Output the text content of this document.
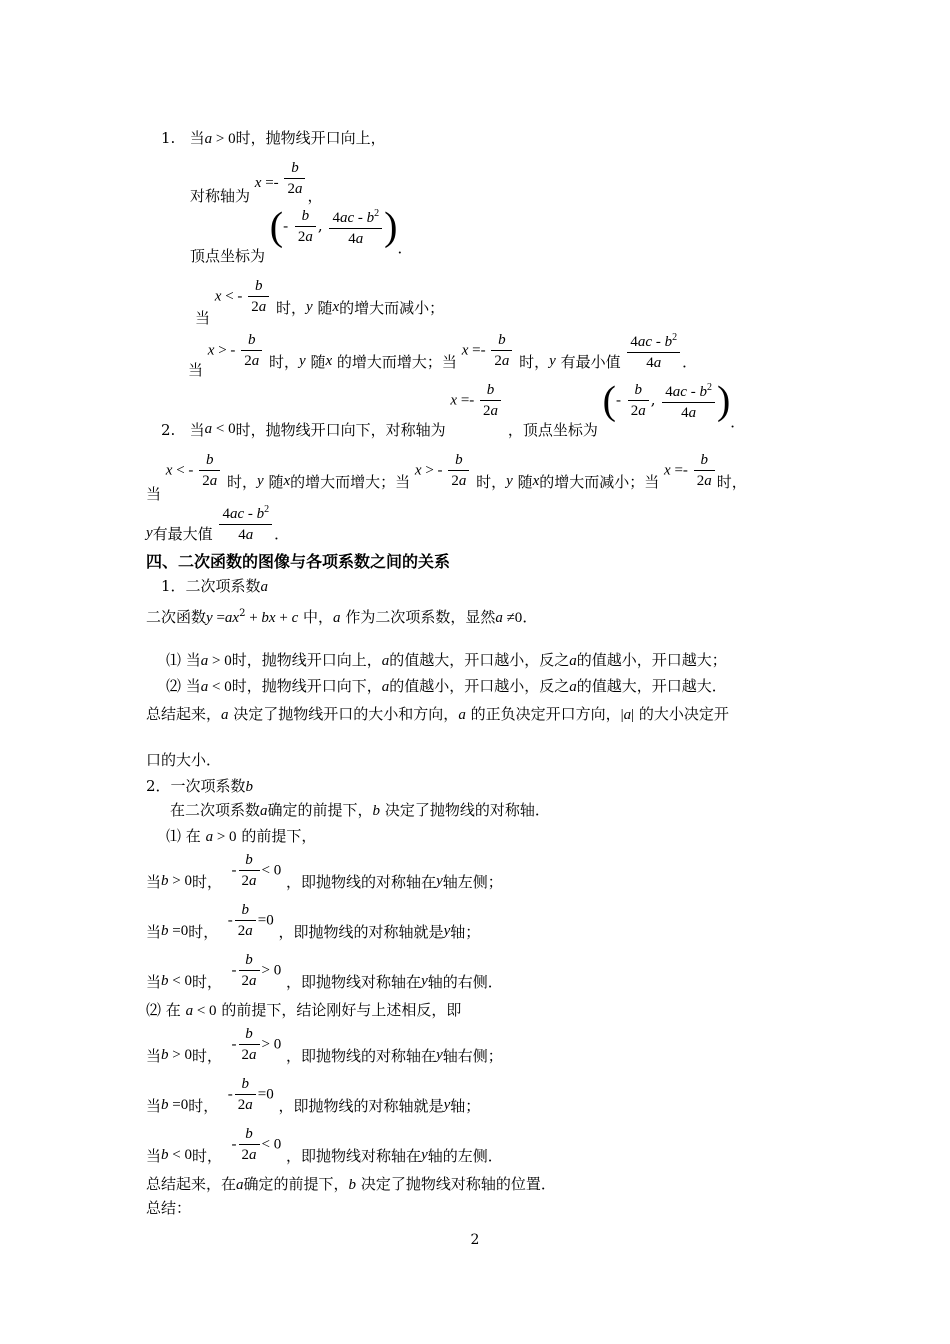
1. 当a > 0时，抛物线开口向上，
对称轴为 $x =- \frac{b}{2a}$ ，
顶点坐标为 (- $\frac{b}{2a}$ , $\frac{4ac - b^2}{4a}$ )．
当 x < - $\frac{b}{2a}$ 时，y 随x的增大而减小；
当 x > - $\frac{b}{2a}$ 时，y 随x 的增大而增大；当 $x =- \frac{b}{2a}$ 时，y 有最小值 $\frac{4ac - b^2}{4a}$ ．
2. 当a < 0时，抛物线开口向下，对称轴为 $x =- \frac{b}{2a}$
，顶点坐标为 (- $\frac{b}{2a}$ , $\frac{4ac - b^2}{4a}$ )．
当 x < - $\frac{b}{2a}$ 时，y 随x的增大而增大；当 x > - $\frac{b}{2a}$ 时，y 随x的增大而减小；当 $x =- \frac{b}{2a}$ 时，
y有最大值 $\frac{4ac - b^2}{4a}$ ．
四、二次函数的图像与各项系数之间的关系
1．二次项系数a
二次函数$y =ax^2$ + bx + c 中，a 作为二次项系数，显然a ≠0．
⑴ 当a > 0时，抛物线开口向上，a的值越大，开口越小，反之a的值越小，开口越大；
⑵ 当a < 0时，抛物线开口向下，a的值越小，开口越小，反之a的值越大，开口越大．
总结起来，a 决定了抛物线开口的大小和方向，a 的正负决定开口方向，|a| 的大小决定开
口的大小．
2．一次项系数b
在二次项系数a确定的前提下，b 决定了抛物线的对称轴．
⑴ 在 a > 0 的前提下，
当b > 0时，  - $\frac{b}{2a} < 0$ ，即抛物线的对称轴在y轴左侧；
当b =0时，  - $\frac{b}{2a} =0$ ，即抛物线的对称轴就是y轴；
当b < 0时，  - $\frac{b}{2a} > 0$ ，即抛物线对称轴在y轴的右侧．
⑵ 在 a < 0 的前提下，结论刚好与上述相反，即
当b > 0时，  - $\frac{b}{2a} > 0$ ，即抛物线的对称轴在y轴右侧；
当b =0时，  - $\frac{b}{2a} =0$ ，即抛物线的对称轴就是y轴；
当b < 0时，  - $\frac{b}{2a} < 0$ ，即抛物线对称轴在y轴的左侧．
总结起来，在a确定的前提下，b 决定了抛物线对称轴的位置．
总结：
2
